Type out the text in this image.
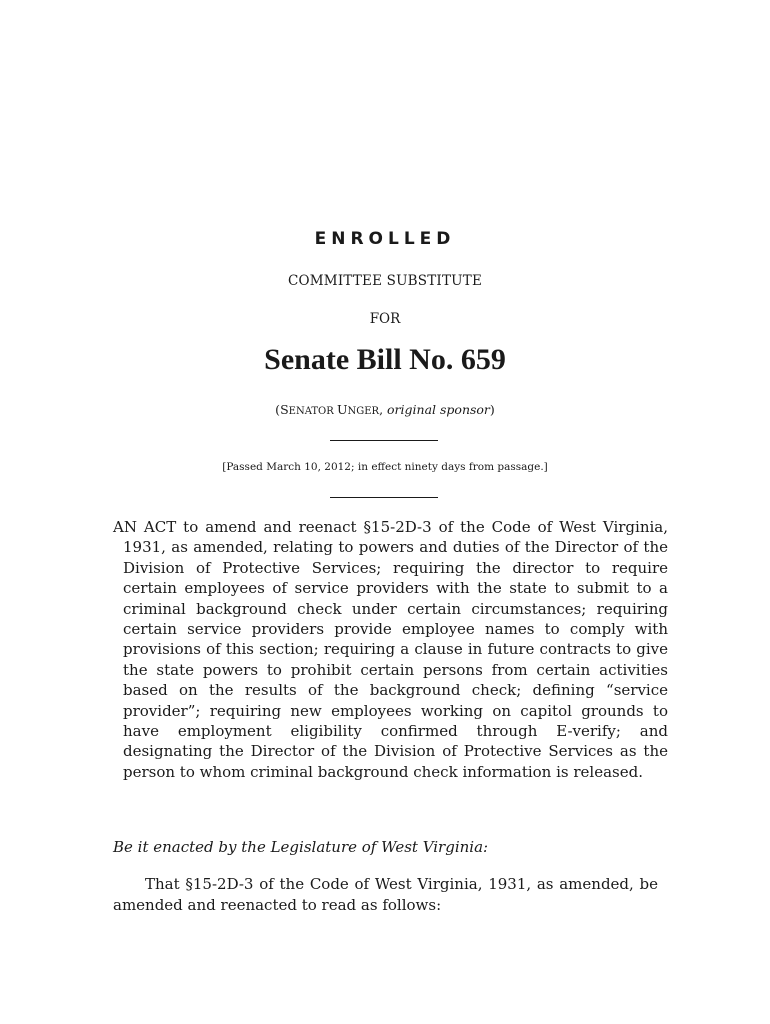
ENROLLED
COMMITTEE SUBSTITUTE
FOR
Senate Bill No. 659
(SENATOR UNGER, original sponsor)
[Passed March 10, 2012; in effect ninety days from passage.]

AN ACT to amend and reenact §15-2D-3 of the Code of West Virginia, 1931, as amended, relating to powers and duties of the Director of the Division of Protective Services; requiring the director to require certain employees of service providers with the state to submit to a criminal background check under certain circumstances; requiring certain service providers provide employee names to comply with provisions of this section; requiring a clause in future contracts to give the state powers to prohibit certain persons from certain activities based on the results of the background check; defining “service provider”; requiring new employees working on capitol grounds to have employment eligibility confirmed through E-verify; and designating the Director of the Division of Protective Services as the person to whom criminal background check information is released.

Be it enacted by the Legislature of West Virginia:

That §15-2D-3 of the Code of West Virginia, 1931, as amended, be amended and reenacted to read as follows:
